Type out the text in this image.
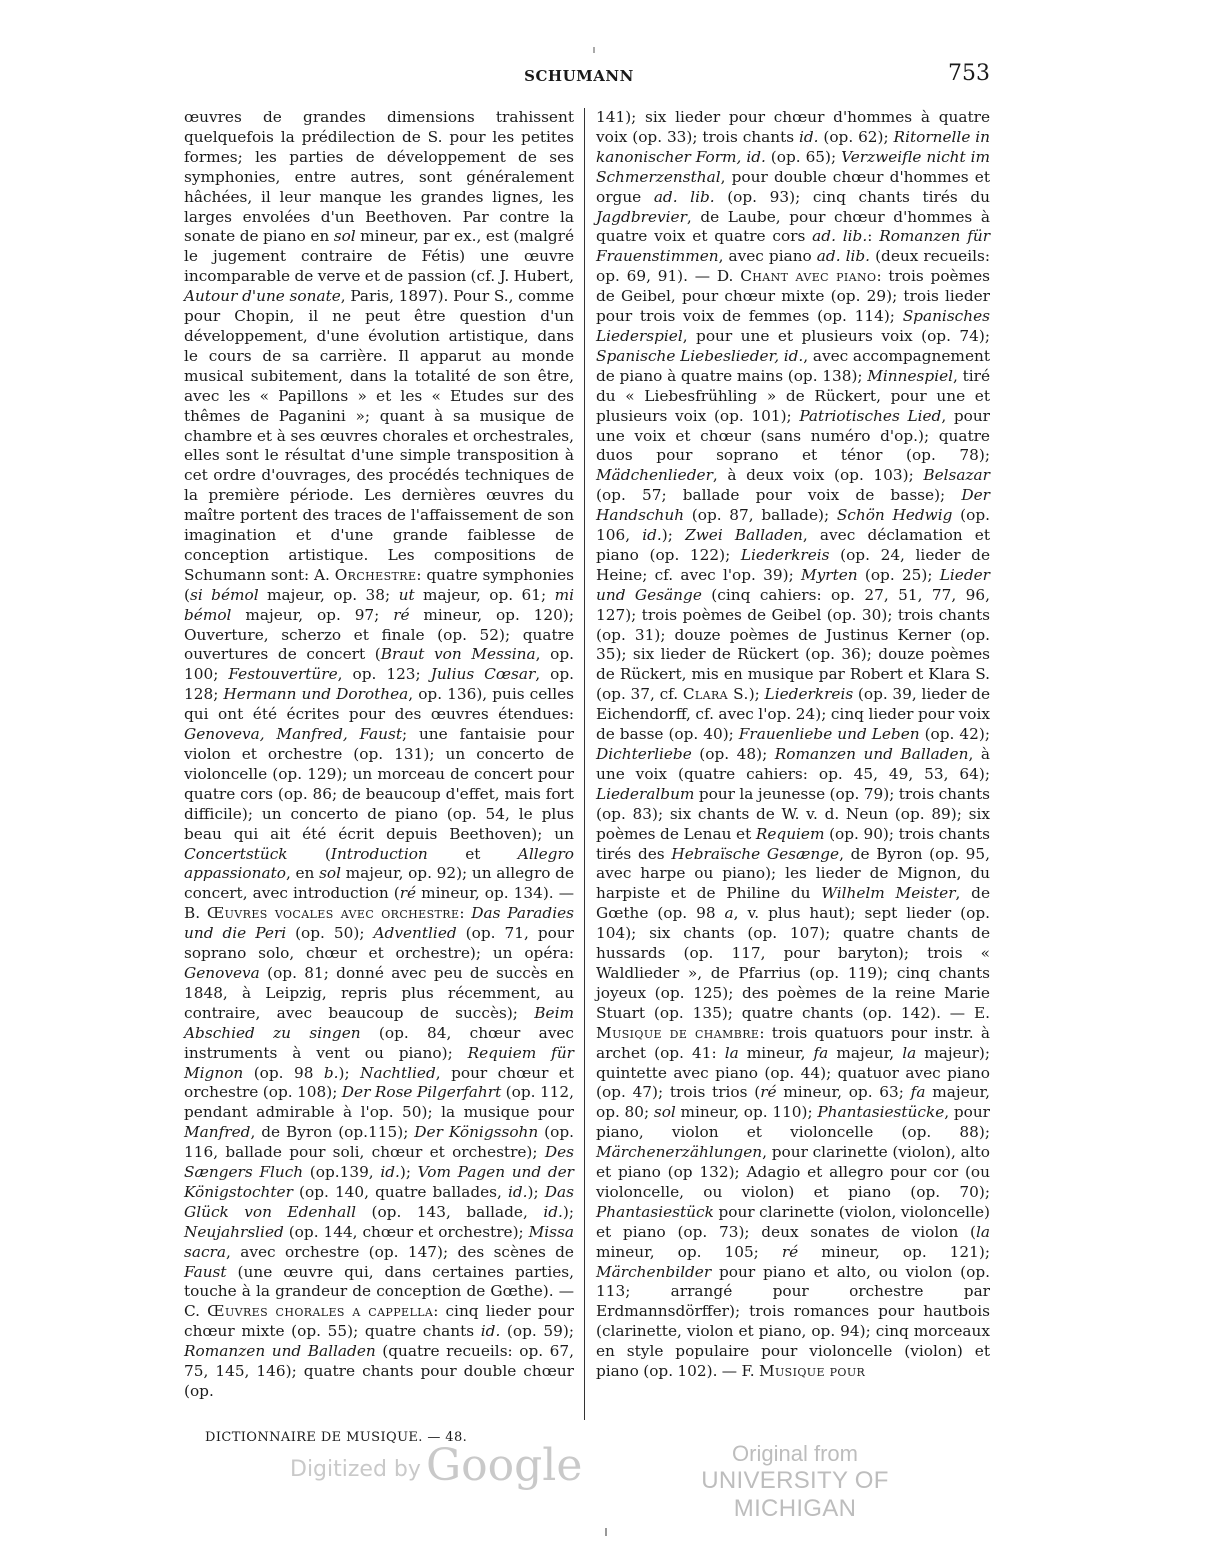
SCHUMANN	753

œuvres de grandes dimensions trahissent quelquefois la prédilection de S. pour les petites formes; les parties de développement de ses symphonies, entre autres, sont généralement hâchées, il leur manque les grandes lignes, les larges envolées d'un Beethoven. Par contre la sonate de piano en sol mineur, par ex., est (malgré le jugement contraire de Fétis) une œuvre incomparable de verve et de passion (cf. J. Hubert, Autour d'une sonate, Paris, 1897). Pour S., comme pour Chopin, il ne peut être question d'un développement, d'une évolution artistique, dans le cours de sa carrière. Il apparut au monde musical subitement, dans la totalité de son être, avec les « Papillons » et les « Etudes sur des thêmes de Paganini »; quant à sa musique de chambre et à ses œuvres chorales et orchestrales, elles sont le résultat d'une simple transposition à cet ordre d'ouvrages, des procédés techniques de la première période. Les dernières œuvres du maître portent des traces de l'affaissement de son imagination et d'une grande faiblesse de conception artistique. Les compositions de Schumann sont: A. Orchestre: quatre symphonies (si bémol majeur, op. 38; ut majeur, op. 61; mi bémol majeur, op. 97; ré mineur, op. 120); Ouverture, scherzo et finale (op. 52); quatre ouvertures de concert (Braut von Messina, op. 100; Festouvertüre, op. 123; Julius Cœsar, op. 128; Hermann und Dorothea, op. 136), puis celles qui ont été écrites pour des œuvres étendues: Genoveva, Manfred, Faust; une fantaisie pour violon et orchestre (op. 131); un concerto de violoncelle (op. 129); un morceau de concert pour quatre cors (op. 86; de beaucoup d'effet, mais fort difficile); un concerto de piano (op. 54, le plus beau qui ait été écrit depuis Beethoven); un Concertstück (Introduction et Allegro appassionato, en sol majeur, op. 92); un allegro de concert, avec introduction (ré mineur, op. 134). — B. Œuvres vocales avec orchestre: Das Paradies und die Peri (op. 50); Adventlied (op. 71, pour soprano solo, chœur et orchestre); un opéra: Genoveva (op. 81; donné avec peu de succès en 1848, à Leipzig, repris plus récemment, au contraire, avec beaucoup de succès); Beim Abschied zu singen (op. 84, chœur avec instruments à vent ou piano); Requiem für Mignon (op. 98 b.); Nachtlied, pour chœur et orchestre (op. 108); Der Rose Pilgerfahrt (op. 112, pendant admirable à l'op. 50); la musique pour Manfred, de Byron (op.115); Der Königssohn (op. 116, ballade pour soli, chœur et orchestre); Des Sængers Fluch (op.139, id.); Vom Pagen und der Königstochter (op. 140, quatre ballades, id.); Das Glück von Edenhall (op. 143, ballade, id.); Neujahrslied (op. 144, chœur et orchestre); Missa sacra, avec orchestre (op. 147); des scènes de Faust (une œuvre qui, dans certaines parties, touche à la grandeur de conception de Gœthe). — C. Œuvres chorales a cappella: cinq lieder pour chœur mixte (op. 55); quatre chants id. (op. 59); Romanzen und Balladen (quatre recueils: op. 67, 75, 145, 146); quatre chants pour double chœur (op.

141); six lieder pour chœur d'hommes à quatre voix (op. 33); trois chants id. (op. 62); Ritornelle in kanonischer Form, id. (op. 65); Verzweifle nicht im Schmerzensthal, pour double chœur d'hommes et orgue ad. lib. (op. 93); cinq chants tirés du Jagdbrevier, de Laube, pour chœur d'hommes à quatre voix et quatre cors ad. lib.: Romanzen für Frauenstimmen, avec piano ad. lib. (deux recueils: op. 69, 91). — D. Chant avec piano: trois poèmes de Geibel, pour chœur mixte (op. 29); trois lieder pour trois voix de femmes (op. 114); Spanisches Liederspiel, pour une et plusieurs voix (op. 74); Spanische Liebeslieder, id., avec accompagnement de piano à quatre mains (op. 138); Minnespiel, tiré du « Liebesfrühling » de Rückert, pour une et plusieurs voix (op. 101); Patriotisches Lied, pour une voix et chœur (sans numéro d'op.); quatre duos pour soprano et ténor (op. 78); Mädchenlieder, à deux voix (op. 103); Belsazar (op. 57; ballade pour voix de basse); Der Handschuh (op. 87, ballade); Schön Hedwig (op. 106, id.); Zwei Balladen, avec déclamation et piano (op. 122); Liederkreis (op. 24, lieder de Heine; cf. avec l'op. 39); Myrten (op. 25); Lieder und Gesänge (cinq cahiers: op. 27, 51, 77, 96, 127); trois poèmes de Geibel (op. 30); trois chants (op. 31); douze poèmes de Justinus Kerner (op. 35); six lieder de Rückert (op. 36); douze poèmes de Rückert, mis en musique par Robert et Klara S. (op. 37, cf. Clara S.); Liederkreis (op. 39, lieder de Eichendorff, cf. avec l'op. 24); cinq lieder pour voix de basse (op. 40); Frauenliebe und Leben (op. 42); Dichterliebe (op. 48); Romanzen und Balladen, à une voix (quatre cahiers: op. 45, 49, 53, 64); Liederalbum pour la jeunesse (op. 79); trois chants (op. 83); six chants de W. v. d. Neun (op. 89); six poèmes de Lenau et Requiem (op. 90); trois chants tirés des Hebraïsche Gesænge, de Byron (op. 95, avec harpe ou piano); les lieder de Mignon, du harpiste et de Philine du Wilhelm Meister, de Gœthe (op. 98 a, v. plus haut); sept lieder (op. 104); six chants (op. 107); quatre chants de hussards (op. 117, pour baryton); trois « Waldlieder », de Pfarrius (op. 119); cinq chants joyeux (op. 125); des poèmes de la reine Marie Stuart (op. 135); quatre chants (op. 142). — E. Musique de chambre: trois quatuors pour instr. à archet (op. 41: la mineur, fa majeur, la majeur); quintette avec piano (op. 44); quatuor avec piano (op. 47); trois trios (ré mineur, op. 63; fa majeur, op. 80; sol mineur, op. 110); Phantasiestücke, pour piano, violon et violoncelle (op. 88); Märchenerzählungen, pour clarinette (violon), alto et piano (op 132); Adagio et allegro pour cor (ou violoncelle, ou violon) et piano (op. 70); Phantasiestück pour clarinette (violon, violoncelle) et piano (op. 73); deux sonates de violon (la mineur, op. 105; ré mineur, op. 121); Märchenbilder pour piano et alto, ou violon (op. 113; arrangé pour orchestre par Erdmannsdörffer); trois romances pour hautbois (clarinette, violon et piano, op. 94); cinq morceaux en style populaire pour violoncelle (violon) et piano (op. 102). — F. Musique pour

DICTIONNAIRE DE MUSIQUE. — 48.
Digitized by Google	Original from
UNIVERSITY OF MICHIGAN
